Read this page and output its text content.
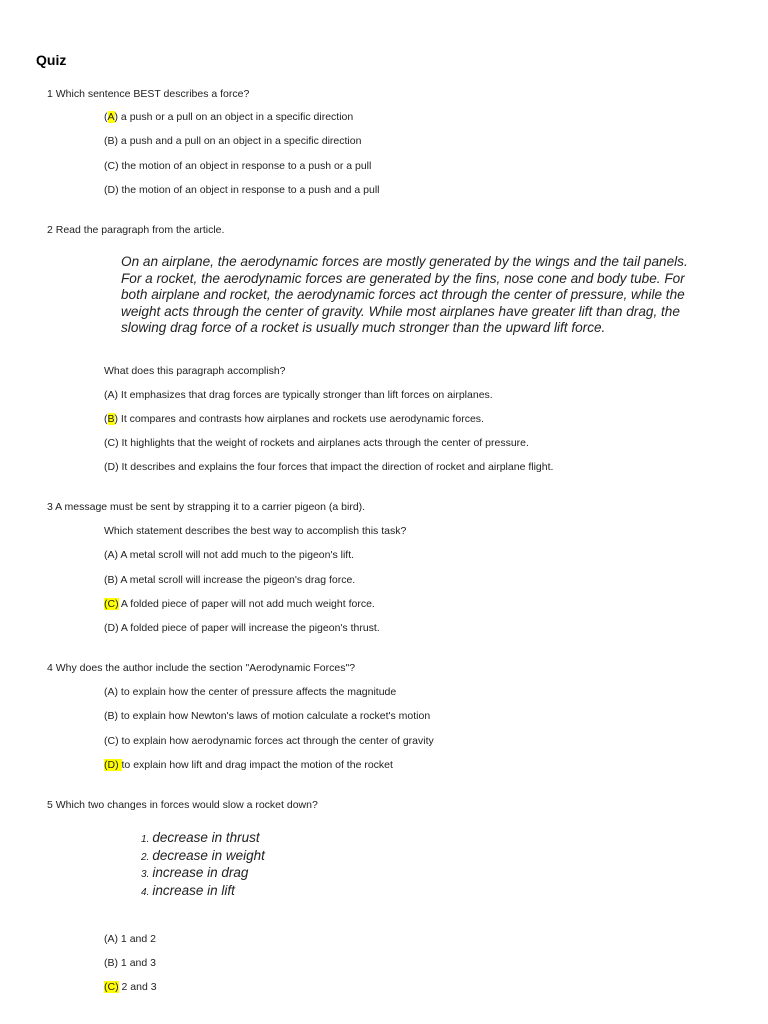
Quiz
1 Which sentence BEST describes a force?
(A) a push or a pull on an object in a specific direction
(B) a push and a pull on an object in a specific direction
(C) the motion of an object in response to a push or a pull
(D) the motion of an object in response to a push and a pull
2 Read the paragraph from the article.
On an airplane, the aerodynamic forces are mostly generated by the wings and the tail panels. For a rocket, the aerodynamic forces are generated by the fins, nose cone and body tube. For both airplane and rocket, the aerodynamic forces act through the center of pressure, while the weight acts through the center of gravity. While most airplanes have greater lift than drag, the slowing drag force of a rocket is usually much stronger than the upward lift force.
What does this paragraph accomplish?
(A) It emphasizes that drag forces are typically stronger than lift forces on airplanes.
(B) It compares and contrasts how airplanes and rockets use aerodynamic forces.
(C) It highlights that the weight of rockets and airplanes acts through the center of pressure.
(D) It describes and explains the four forces that impact the direction of rocket and airplane flight.
3 A message must be sent by strapping it to a carrier pigeon (a bird).
Which statement describes the best way to accomplish this task?
(A) A metal scroll will not add much to the pigeon's lift.
(B) A metal scroll will increase the pigeon's drag force.
(C) A folded piece of paper will not add much weight force.
(D) A folded piece of paper will increase the pigeon's thrust.
4 Why does the author include the section "Aerodynamic Forces"?
(A) to explain how the center of pressure affects the magnitude
(B) to explain how Newton's laws of motion calculate a rocket's motion
(C) to explain how aerodynamic forces act through the center of gravity
(D) to explain how lift and drag impact the motion of the rocket
5 Which two changes in forces would slow a rocket down?
1. decrease in thrust
2. decrease in weight
3. increase in drag
4. increase in lift
(A) 1 and 2
(B) 1 and 3
(C) 2 and 3
